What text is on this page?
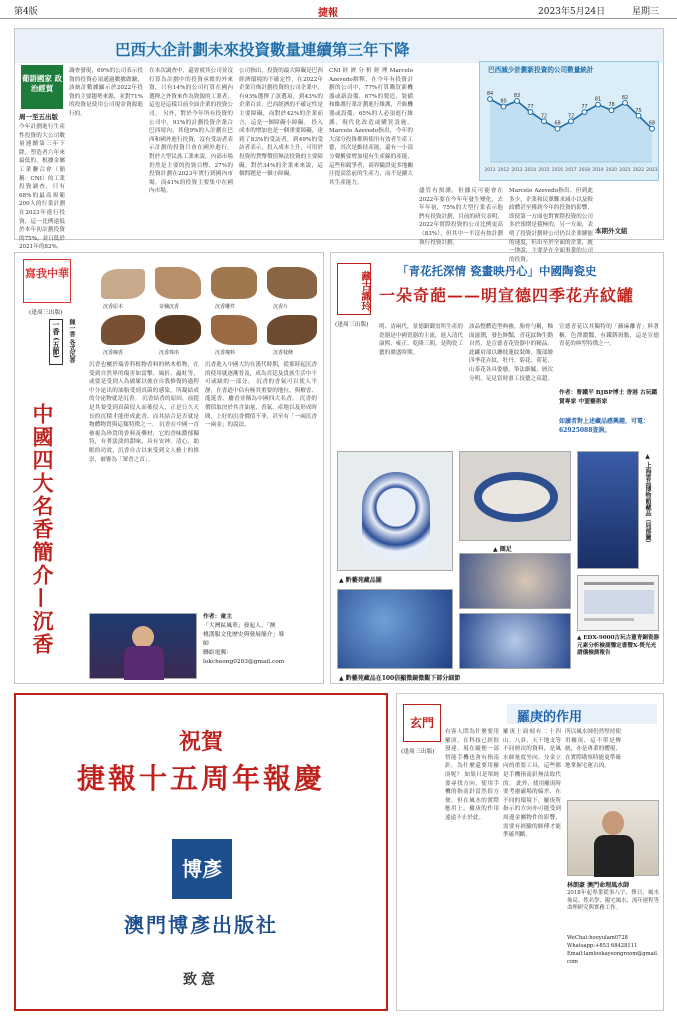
第4版	捷報	2023年5月24日	星期三
巴西大企計劃未來投資數量連續第三年下降
葡語國家 政治經貿
周一至五出版
今年計劃進行生產性投資的大公司數量連續第三年下降，塑造者六年來最低的。根據金屬工業聯合會（簡稱：CNI）的工業投資調查，只有68%的最高規範200人的行業計劃在2023年進行投資，這一比例遠低於本年初計劃投資的75%，並且低於2021年的82%。
調查發現，69%的公司表示投資的投資必須通過數據做驗，該統計數據顯示於2022年投資的主要趨勢來源，並對71%的投資是使用公司現金資源進行的。
在本次調查中，還會就其公司並沒打算為計劃中的投資承擔的外來資，只有14%的公司打算在國內選擇之外資來作為資源的工業者，這也是這樣目前全面企業的投資公司。 另外，對於今年所有投資的公司中，91%的計劃投資企業合巴西境內，其他9%的人計劃在巴西和國外進行投資，沒有受訪者表示計劃的投資只會在國外進行。 對於大型民族工業來說，內部市場仍然是主要的投資目標，27%的投資計劃在2023年實行到國內市場，而41%的投資主要集中在國內市場。
公司指出，投資的最大障礙是巴西經濟環境的不確定性，在2022年企業宣佈計劃投資的公司企業中，有93%選擇了該選項，到43%的企業百首，巴西經濟的不確定性是主要障礙，而對於42%的企業而言，這是一個障礙小障礙。 投入成本的增加也是一個重要障礙，達到了83%的受訪者，到49%的受訪者表示，投入成本上升，可用於投資的貨幣價值無法投資的主要障礙，對於34%的企業來來說，這個問題是一個小障礙。
CNI經濟分析經理Marcelo Azevedo解釋，在今年有投資計劃的公司中，77%打算購買新機器或新設備，67%的製造、裝備和維護行業計劃進行維護，升級機器或設備，65%的人必須進行維護、現代化改造或購買設施。 Marcelo Azevedo指出，今年的大部分投資都與使用有效者生產工藝，其次是維持產能，還有一小部分聲稱要增加現有生產線的產能，這些和競爭者，商界驗證更多地關注提高當前的生產力，而不是擴大其生產能力。
巴西減少計劃新投資的公司數量統計
84
2011
80
2012
83
2013
77
2014
72
2015
68
2016
72
2017
77
2018
81
2019
78
2020
82
2021
75
2022
68
2023
儘管有預測，但據反可能會在2022年要在今年年發生變化，去年年初，75%的大型行業表示他們有投資計劃，目前的研究表明，2022年實際投資的公司比例更高（83%），但其中一半沒有按計劃執行投資計劃。
Marcelo Azevedo指出，但到此多少，企業和民眾難求減小以及較政體甚至獲到今年的投資的影響，即使第一方面也對實際投資的公司多於預期是積極的，另一方面，表明了投資計劃時公司仍以企業擴能的速度，但出至於全面的企業，統一地說，主要是在全面事業的公司的投資。
本期外文組
寫我中華
(逢周三出版)
一香 (五節)	陳一香 各式沉香
中國四大名香簡介—沉香
沉香原木	奇楠沉香	沉香雕件	沉香片
沉香線香	沉香珠串	沉香塊料	沉香枝條
沉香也屬於瑞香科植物香料的熱木植物，在受到自然界的傷害如雷擊、風折、蟲蛀等，或要是受到人為破壞以後在自我修復的過程中分泌出的油脂受到真菌的感染，所凝結成的分泌物就是沉香。 沉香結香的原因，前提是其要受到真菌侵入而後侵入，正是日久天長的沉積才能形成此香，而其結合是否就是物體物質與這類特徵之一。 沉香在中國一直被視為珍貴的香料及藥材，它的香味濃郁獨特，有著淡淡的甜味，具有安神、清心、助眠的功效，沉香自古以來受到文人雅士的推崇，被譽為「眾香之首」。
沉香進入中國大約在漢代時期，從那時起沉香的使用就逐漸普及，成為宮廷及貴族生活中不可或缺的一部分。 沉香的香氣可以使人平靜，在香道中佔有極其重要的地位，與檀香、龍涎香、麝香並稱為中國四大名香。 沉香的價值取決於其含油量、香氣、產地以及形成時間，上好的沉香價值不菲，甚至有「一兩沉香一兩金」的說法。
作者：童主
「大灣區風華」發起人、「澳
桃漢服文化歷史與發展簡介」導
師
聯絡電郵：
lokcheong0203@gmail.com
藏古識玲
(逢周三出版)
「青花托深情 瓷畫映丹心」中國陶瓷史
一朵奇葩——明宣德四季花卉紋罐
明、清兩代，景德鎮御窯所生產的瓷器是中國瓷器的主流，進入清代康熙、雍正、乾隆三朝，是陶瓷工藝的鼎盛時期。
該品整體造型典雅，胎骨勻稱，釉面滋潤，發色鮮豔，青花紋飾生動自然，是宣德青花瓷器中的精品。 此罐肩部以纏枝蓮紋裝飾，腹部繪四季花卉紋，牡丹、菊花、荷花、山茶花各具姿態，筆法細膩，層次分明，足見當時畫工技藝之高超。
宣德青花以其獨特的「蘇麻離青」料著稱，色澤濃豔，有鐵銹斑點，這是宣德青花的典型特徵之一。
作者：曹鐵平 BJBP博士 香港 古玩鑑賞專家 中盟藝術家
如讀者對上述藏品感興趣，可電：62925088查詢。
▲ 黔藝苑藏品圖
▲ 圈足
▲ 上海雲品博物館藏品（局部圖）
▲ EDX-9000古玩古董青銅瓷器元素分析檢測鑒定書暨X-熒光光譜儀檢測報告
▲ 黔藝苑藏品在100倍顯微鏡微觀下部分細節
祝賀
捷報十五周年報慶
博彥
澳門博彥出版社
致意
玄門
(逢周三出版)
羅庚的作用
有客人問為什麼要用羅庚，在科技已經很發達，現在隨便一部智能手機也會有指南針，為什麼還要用羅庚呢？ 如果只是單純要尋找方向，使用手機的指南針當然很方便，但在風水的實際應用上，羅庚的作用遠遠不止於此。
羅庚上面刻有二十四山、八卦、天干地支等不同層次的資料，是風水師量度坐向、分金立向的重要工具，這些都是手機指南針無法取代的。 此外，使用羅庚時要考慮磁場的偏差，在不同的環境下，羅庚所指示的方向亦可能受到周邊金屬物件的影響，需要有經驗的師傅才能準確判斷。
所以風水師仍然堅持使用羅庚，這不單是傳統，亦是專業的體現，在實際勘察時能更準確地掌握宅運吉凶。
林朗豪 澳門命理風水師
2018年起專業從事八字、擇日、風水佈局、姓名學、陽宅風水、流年運程等命理研究與實務工作。
WeChat:hooyulam0728
Whatsapp:+853 68428111
Email:lamlookayeongroom@gmail.com
